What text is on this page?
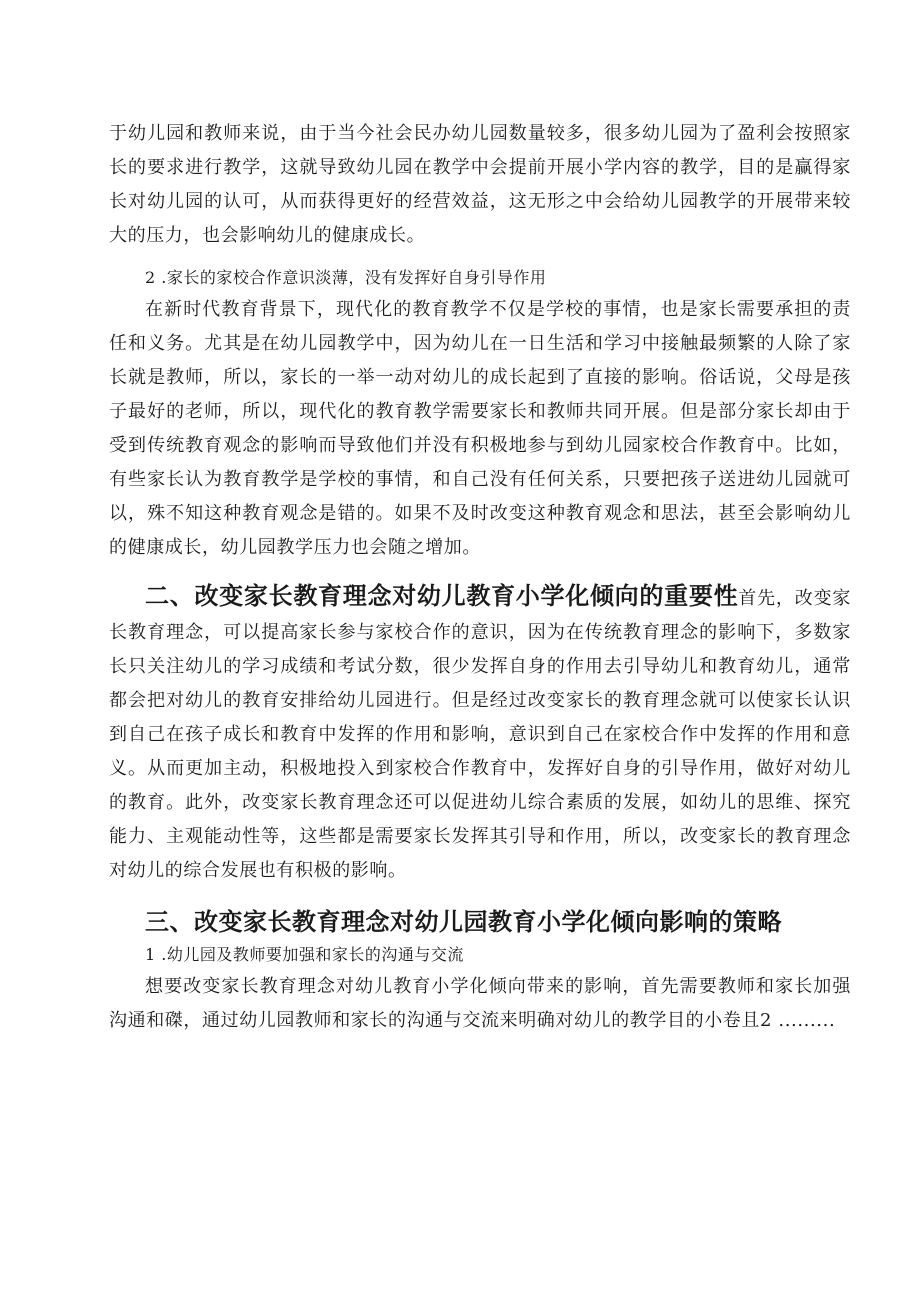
于幼儿园和教师来说，由于当今社会民办幼儿园数量较多，很多幼儿园为了盈利会按照家长的要求进行教学，这就导致幼儿园在教学中会提前开展小学内容的教学，目的是赢得家长对幼儿园的认可，从而获得更好的经营效益，这无形之中会给幼儿园教学的开展带来较大的压力，也会影响幼儿的健康成长。

2 .家长的家校合作意识淡薄，没有发挥好自身引导作用

在新时代教育背景下，现代化的教育教学不仅是学校的事情，也是家长需要承担的责任和义务。尤其是在幼儿园教学中，因为幼儿在一日生活和学习中接触最频繁的人除了家长就是教师，所以，家长的一举一动对幼儿的成长起到了直接的影响。俗话说，父母是孩子最好的老师，所以，现代化的教育教学需要家长和教师共同开展。但是部分家长却由于受到传统教育观念的影响而导致他们并没有积极地参与到幼儿园家校合作教育中。比如，有些家长认为教育教学是学校的事情，和自己没有任何关系，只要把孩子送进幼儿园就可以，殊不知这种教育观念是错的。如果不及时改变这种教育观念和思法，甚至会影响幼儿的健康成长，幼儿园教学压力也会随之增加。

二、改变家长教育理念对幼儿教育小学化倾向的重要性首先，改变家长教育理念，可以提高家长参与家校合作的意识，因为在传统教育理念的影响下，多数家长只关注幼儿的学习成绩和考试分数，很少发挥自身的作用去引导幼儿和教育幼儿，通常都会把对幼儿的教育安排给幼儿园进行。但是经过改变家长的教育理念就可以使家长认识到自己在孩子成长和教育中发挥的作用和影响，意识到自己在家校合作中发挥的作用和意义。从而更加主动，积极地投入到家校合作教育中，发挥好自身的引导作用，做好对幼儿的教育。此外，改变家长教育理念还可以促进幼儿综合素质的发展，如幼儿的思维、探究能力、主观能动性等，这些都是需要家长发挥其引导和作用，所以，改变家长的教育理念对幼儿的综合发展也有积极的影响。

三、改变家长教育理念对幼儿园教育小学化倾向影响的策略

1 .幼儿园及教师要加强和家长的沟通与交流

想要改变家长教育理念对幼儿教育小学化倾向带来的影响，首先需要教师和家长加强沟通和磔，通过幼儿园教师和家长的沟通与交流来明确对幼儿的教学目的小卷且2 .........
